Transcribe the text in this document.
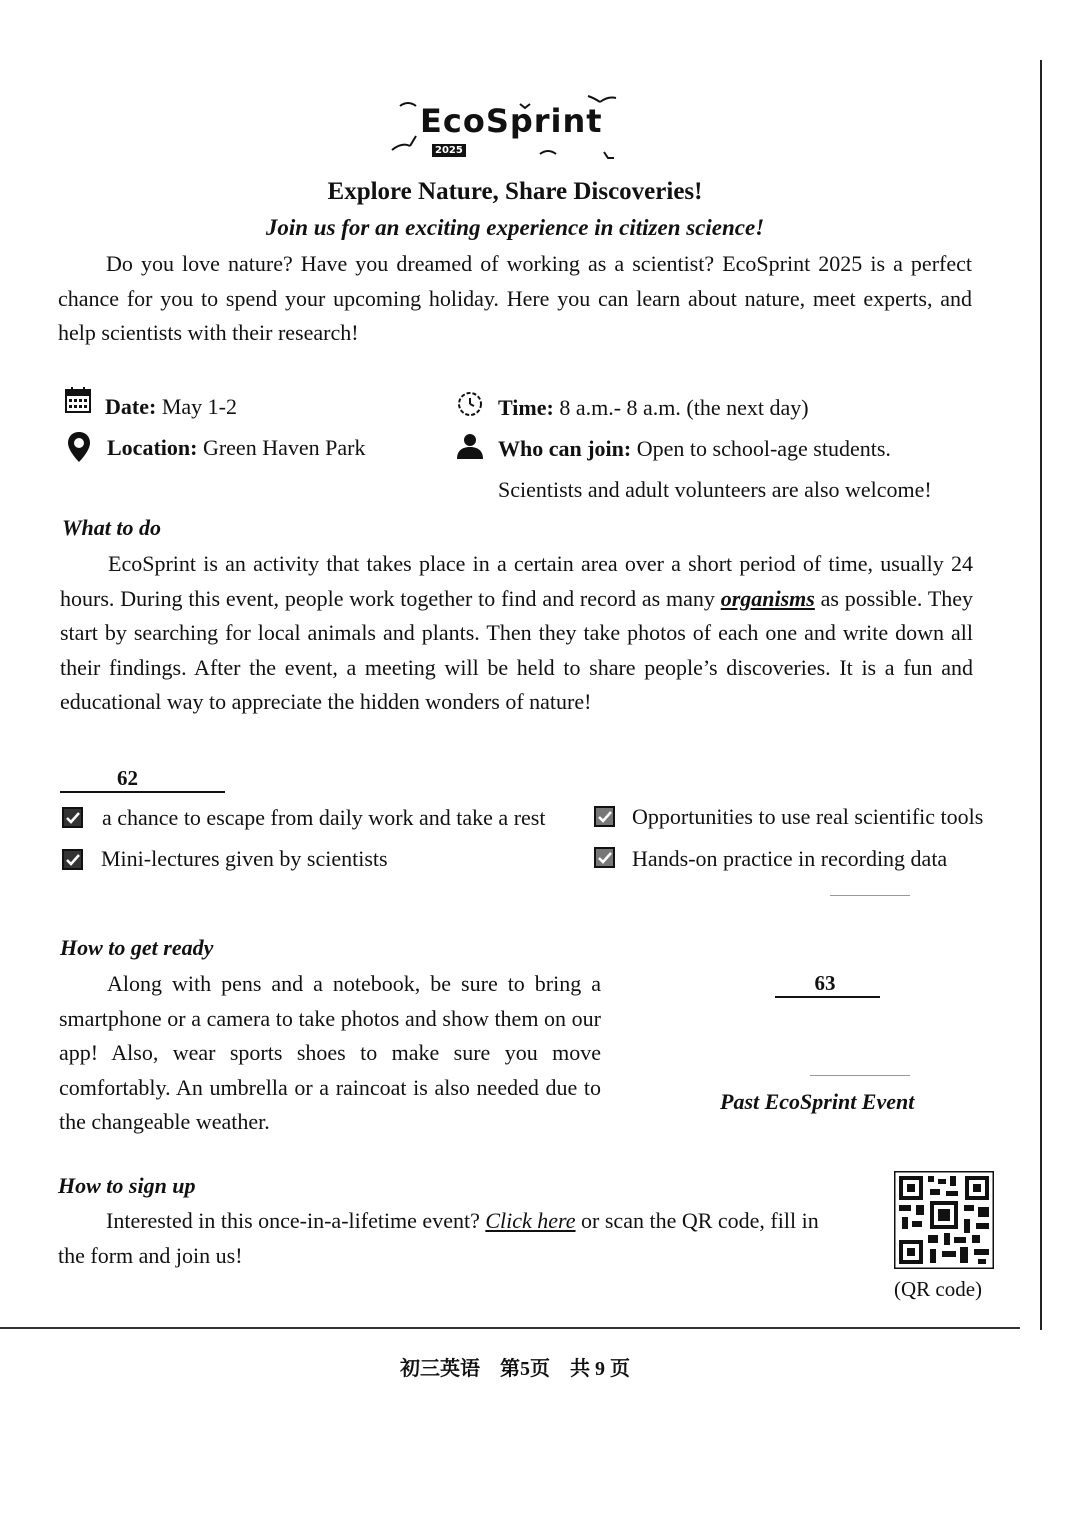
EcoSprint
2025
Explore Nature, Share Discoveries!
Join us for an exciting experience in citizen science!
Do you love nature? Have you dreamed of working as a scientist? EcoSprint 2025 is a perfect chance for you to spend your upcoming holiday. Here you can learn about nature, meet experts, and help scientists with their research!
Date: May 1-2
Location: Green Haven Park
Time: 8 a.m.- 8 a.m. (the next day)
Who can join: Open to school-age students.
Scientists and adult volunteers are also welcome!
What to do
EcoSprint is an activity that takes place in a certain area over a short period of time, usually 24 hours. During this event, people work together to find and record as many organisms as possible. They start by searching for local animals and plants. Then they take photos of each one and write down all their findings. After the event, a meeting will be held to share people’s discoveries. It is a fun and educational way to appreciate the hidden wonders of nature!
62
a chance to escape from daily work and take a rest	Opportunities to use real scientific tools
Mini-lectures given by scientists	Hands-on practice in recording data
How to get ready
Along with pens and a notebook, be sure to bring a smartphone or a camera to take photos and show them on our app! Also, wear sports shoes to make sure you move comfortably. An umbrella or a raincoat is also needed due to the changeable weather.
63
Past EcoSprint Event
How to sign up
Interested in this once-in-a-lifetime event? Click here or scan the QR code, fill in the form and join us!
(QR code)
初三英语　第5页　共 9 页
